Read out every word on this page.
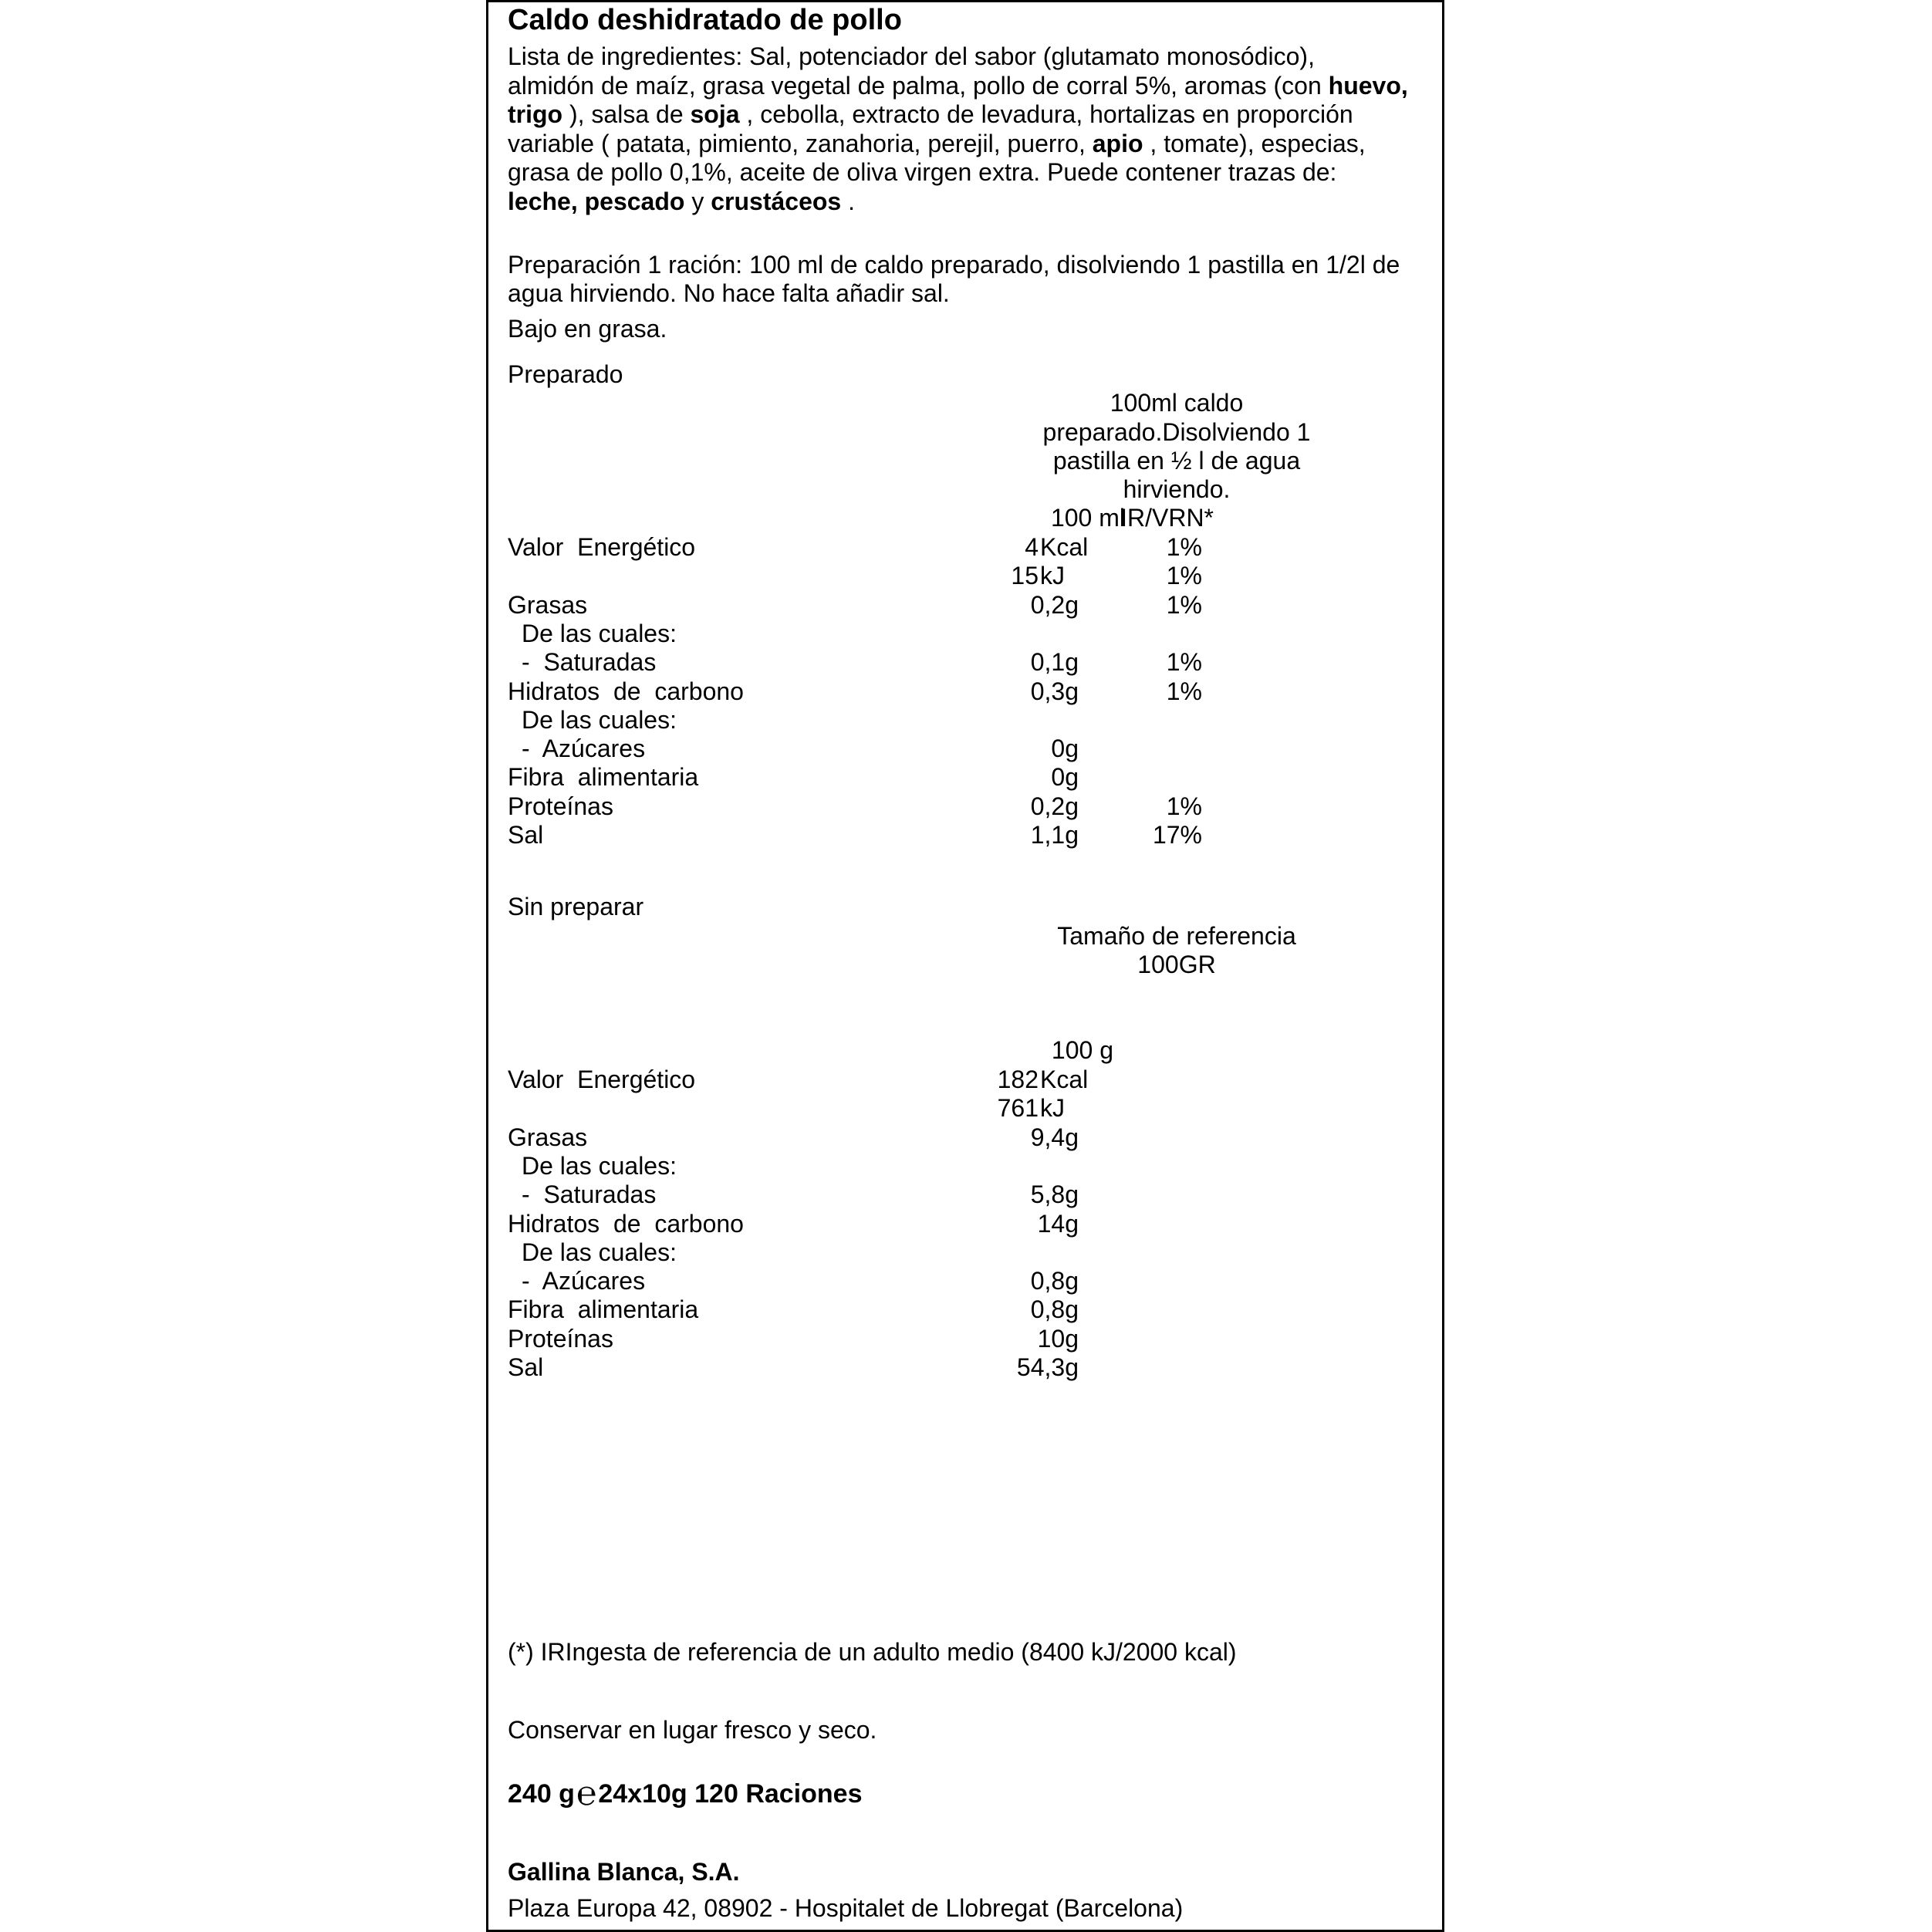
Caldo deshidratado de pollo
Lista de ingredientes: Sal, potenciador del sabor (glutamato monosódico),
almidón de maíz, grasa vegetal de palma, pollo de corral 5%, aromas (con huevo,
trigo ), salsa de soja , cebolla, extracto de levadura, hortalizas en proporción
variable ( patata, pimiento, zanahoria, perejil, puerro, apio , tomate), especias,
grasa de pollo 0,1%, aceite de oliva virgen extra. Puede contener trazas de:
leche, pescado y crustáceos .
Preparación 1 ración: 100 ml de caldo preparado, disolviendo 1 pastilla en 1/2l de
agua hirviendo. No hace falta añadir sal.
Bajo en grasa.
Preparado
100ml caldo
preparado.Disolviendo 1
pastilla en ½ l de agua
hirviendo.
100 ml
IR/VRN*
Sin preparar
Tamaño de referencia
100GR
100 g
(*) IRIngesta de referencia de un adulto medio (8400 kJ/2000 kcal)
Conservar en lugar fresco y seco.
240 g℮24x10g 120 Raciones
Gallina Blanca, S.A.
Plaza Europa 42, 08902 - Hospitalet de Llobregat (Barcelona)
Valor  Energético	4 Kcal	1%
15 kJ	1%
Grasas	0,2g	1%
De las cuales:
-  Saturadas	0,1g	1%
Hidratos  de  carbono	0,3g	1%
De las cuales:
-  Azúcares	0g
Fibra  alimentaria	0g
Proteínas	0,2g	1%
Sal	1,1g	17%
Valor  Energético	182 Kcal
761 kJ
Grasas	9,4g
De las cuales:
-  Saturadas	5,8g
Hidratos  de  carbono	14g
De las cuales:
-  Azúcares	0,8g
Fibra  alimentaria	0,8g
Proteínas	10g
Sal	54,3g
